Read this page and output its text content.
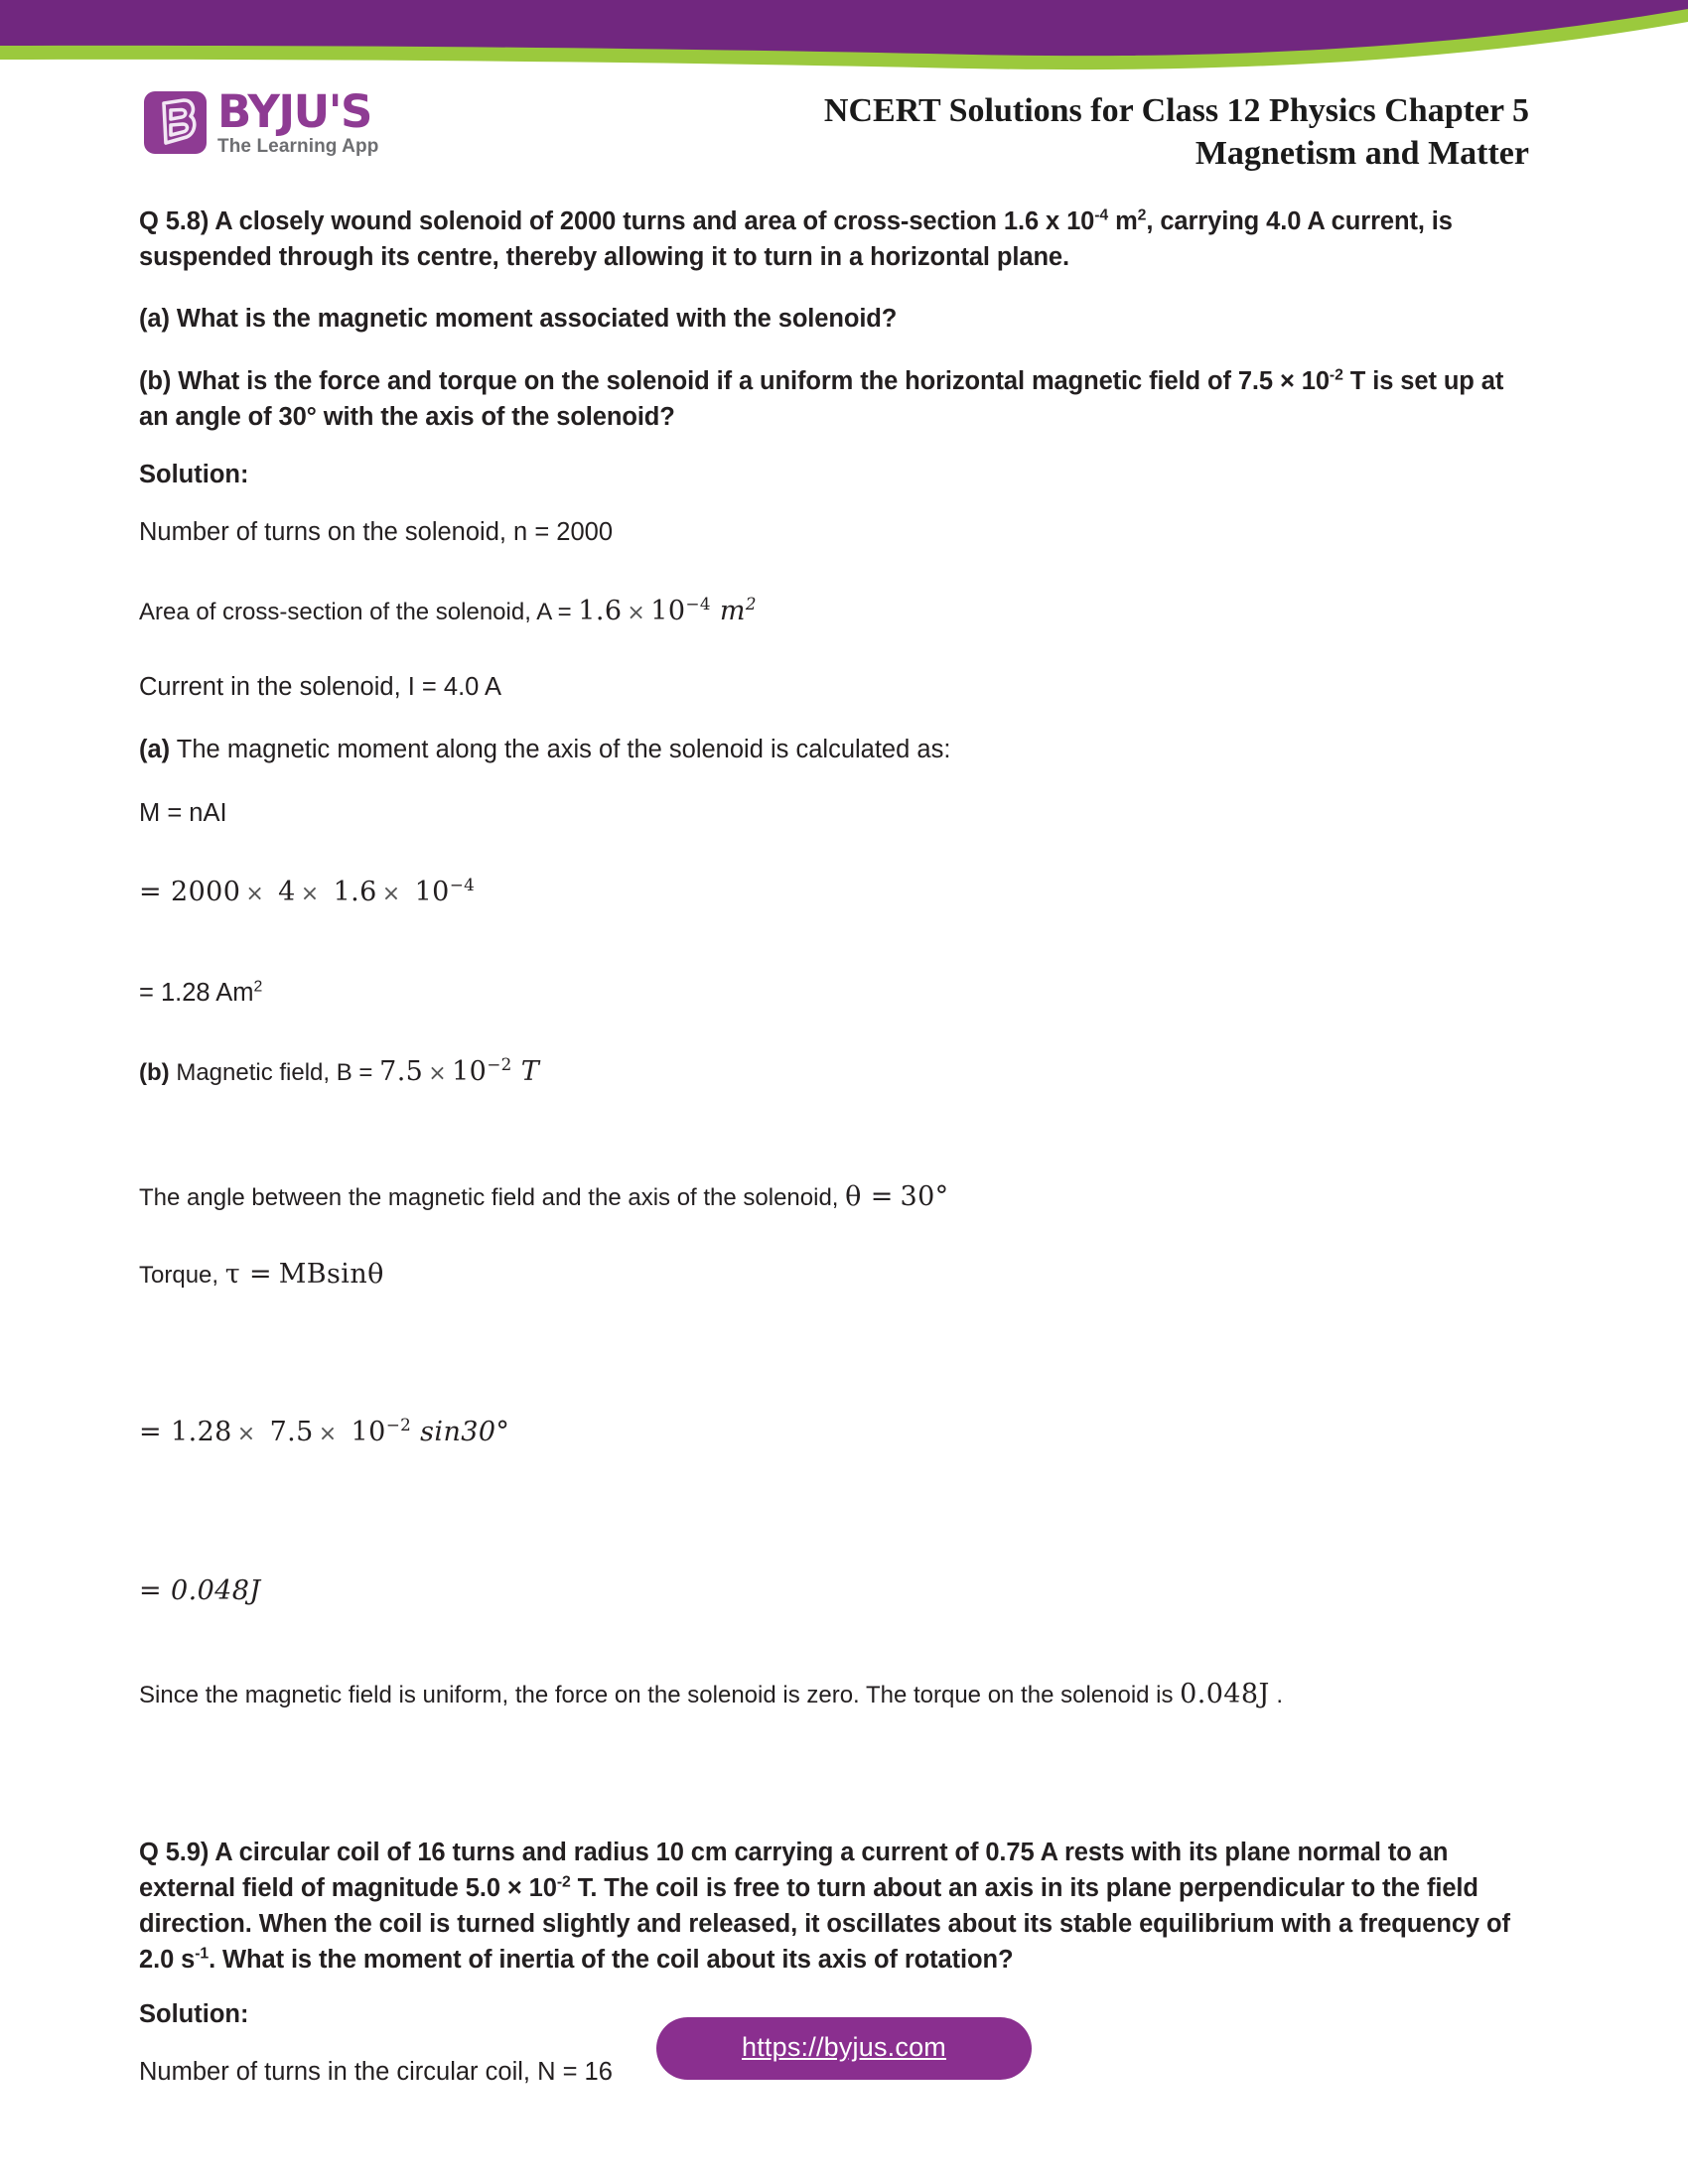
BYJU'S
The Learning App
NCERT Solutions for Class 12 Physics Chapter 5
Magnetism and Matter

Q 5.8) A closely wound solenoid of 2000 turns and area of cross-section 1.6 x $10^{-4}$ $m^2$, carrying 4.0 A current, is suspended through its centre, thereby allowing it to turn in a horizontal plane.

(a) What is the magnetic moment associated with the solenoid?

(b) What is the force and torque on the solenoid if a uniform the horizontal magnetic field of $7.5 \times 10^{-2}$ T is set up at an angle of 30° with the axis of the solenoid?

Solution:

Number of turns on the solenoid, n = 2000

Area of cross-section of the solenoid, $A = 1.6 \times 10^{-4}$ $m^2$

Current in the solenoid, I = 4.0 A

(a) The magnetic moment along the axis of the solenoid is calculated as:

M = nAI

= $2000 \times 4 \times 1.6 \times 10^{-4}$

= 1.28 Am$^2$

(b) Magnetic field, $B = 7.5 \times 10^{-2}$ T

The angle between the magnetic field and the axis of the solenoid, θ = 30°

Torque, τ = MBsinθ

= $1.28 \times 7.5 \times 10^{-2}$ sin30°

= 0.048J

Since the magnetic field is uniform, the force on the solenoid is zero. The torque on the solenoid is 0.048J .

Q 5.9) A circular coil of 16 turns and radius 10 cm carrying a current of 0.75 A rests with its plane normal to an external field of magnitude $5.0 \times 10^{-2}$ T. The coil is free to turn about an axis in its plane perpendicular to the field direction. When the coil is turned slightly and released, it oscillates about its stable equilibrium with a frequency of 2.0 $s^{-1}$. What is the moment of inertia of the coil about its axis of rotation?

Solution:

Number of turns in the circular coil, N = 16

https://byjus.com
